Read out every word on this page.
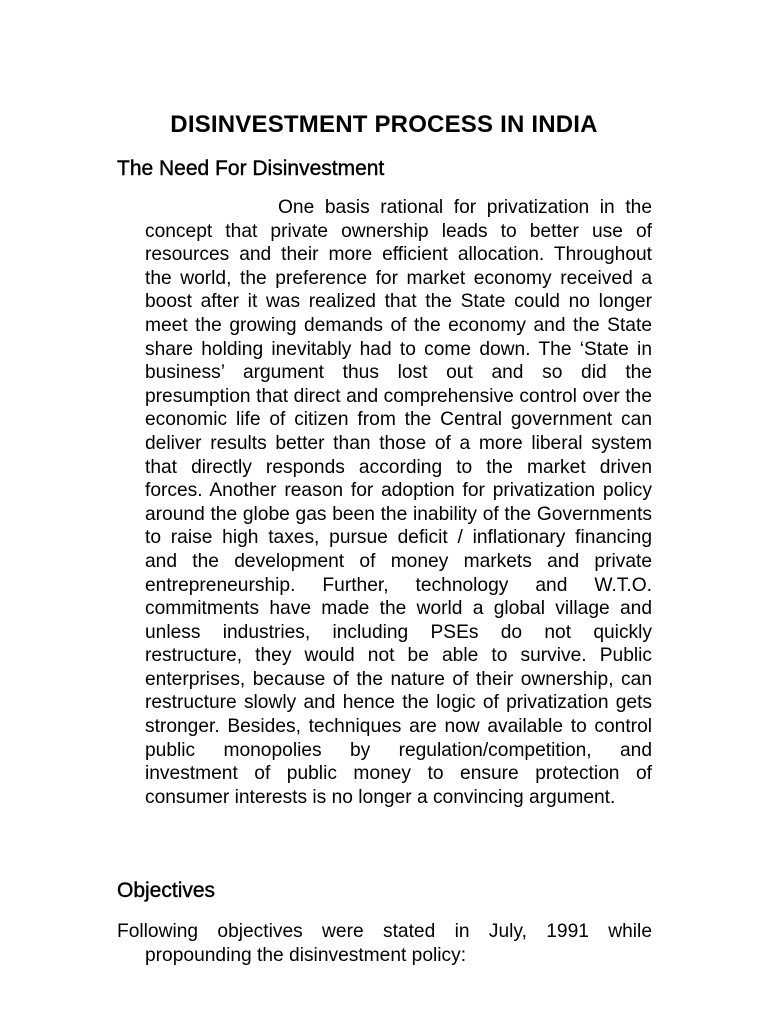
DISINVESTMENT PROCESS IN INDIA
The Need For Disinvestment

One basis rational for privatization in the concept that private ownership leads to better use of resources and their more efficient allocation. Throughout the world, the preference for market economy received a boost after it was realized that the State could no longer meet the growing demands of the economy and the State share holding inevitably had to come down. The ‘State in business’ argument thus lost out and so did the presumption that direct and comprehensive control over the economic life of citizen from the Central government can deliver results better than those of a more liberal system that directly responds according to the market driven forces. Another reason for adoption for privatization policy around the globe gas been the inability of the Governments to raise high taxes, pursue deficit / inflationary financing and the development of money markets and private entrepreneurship. Further, technology and W.T.O. commitments have made the world a global village and unless industries, including PSEs do not quickly restructure, they would not be able to survive. Public enterprises, because of the nature of their ownership, can restructure slowly and hence the logic of privatization gets stronger. Besides, techniques are now available to control public monopolies by regulation/competition, and investment of public money to ensure protection of consumer interests is no longer a convincing argument.

Objectives

Following objectives were stated in July, 1991 while propounding the disinvestment policy:
